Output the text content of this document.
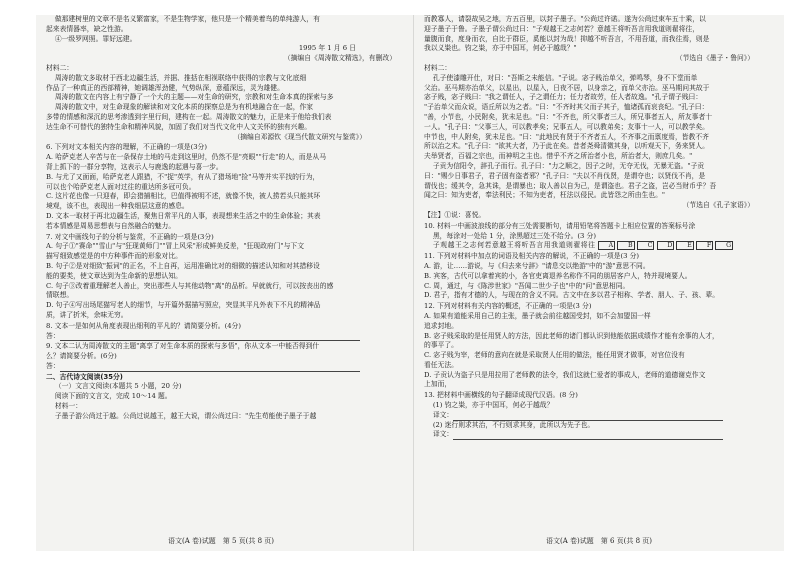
做那建树里的文章不是名义繁富家，不是生物学家，他只是一个精美着鸟的单纯游人，有

起来表情器率，缺之性游。

④一级罗网照。罪好远建。

1995 年 1 月 6 日

（摘编自《周涛散文精选》，有删改）

材料二：

周涛的散文多取材于西北边疆生活，并据、推括在相视联络中获得的宗教与文化底细

作品了一种真正的西部精神，她调雄浑劲健，气势纵深，意蕴深远，灵为雄健。

周涛的散文在内容上有宁静了一个大的主题——对生命的研究，宗教和对生命本真的探索与多

周涛的散文中，对生命现象的解读和对文化本质的探察总是为有机地融合在一起，作家

多带的情感和深沉的思考渗透到字里行间，建构在一起。周涛散文的魅力，正是来于他给我们表

达生命不可替代的独特生命和精神风貌，加固了我们对当代文化中人文关怀的独有兴趣。

（摘编自邓源钦《现当代散文研究与鉴赏》）

6. 下列对文本相关内容的理解，不正确的一项是(3分)

A. 哈萨克老人辛苦与在一条保存土地的马走到这里时，仍然不是"亮眼""行走"的人，而是从马

背上抓下的一群分享物，这表示人与鹿逸的起遇与喜一步。

B. 与尤了又面面，哈萨克老人跟猎，不"捉"英学，有从了猎场地"捡"马等并实平找的行为，

可以也个哈萨克老人面对过往的重达所多冠可负。

C. 这片花也像一只迎春，即会猎捕相比，巴值得被明不述，就像不快，被人捞若头只能其环

境观，该不也，表现出一种我细层这意的感息。

D. 文本一取材于再北边疆生活，聚焦日常平凡的人事，表现想来生活之中的生命体验；其表

若本情感是周易思想表与自然融合的魅力。

7. 对文中画线句子的分析与鉴赏，不正确的一项是(3分)

A. 句子①"赛命""雪山"与"狂现黄师门""冒上风采"形成鲜美反差，"狂现政府门"与下文

描写细致感觉是的中方种事件而的形象对比。

B. 句子②是对细致"振词"的正名，不上自再，运用准确比对的细微的描述认知和对其措移设

能的要类，使文章达到为生命新的思想认知。

C. 句子③改着重理解老人善止，突出那些人与其他动物"离"的品析。早就就行，可以按丧出的感

情联想。

D. 句子④写出场尾猫写老人的细节，与开篇外据描写照应，突显其平凡外表下不凡的精神品

质，讲了折米，余味无穷。

8. 文本一是如何从角度表现出细利的平凡的？请简要分析。(4分)

答：

9. 文本二认为周涛散文的主题"离享了对生命本质的探索与多悟"，你从文本一中能否得到什

么？请简要分析。(6分)

答：

二、古代诗文阅读(35分)

（一）文言文阅读(本题共 5 小题，20 分)

阅读下面的文言文，完成 10～14 题。

材料一：

子墨子游公尚过于越。公尚过说越王，越王大说，谓公尚过曰："先生苟能使子墨子于越

语文(A 卷)试题　第 5 页(共 8 页)

而教寡人，请裂故吴之地，方五百里，以封子墨子。"公尚过许诺。遂为公尚过束车五十乘，以

迎子墨子于鲁。子墨子谓公尚过曰："子观越王之志何若？意越王将听吾言用我道则翟将往，

量腹而食，度身而衣，自比于群臣，奚能以封为哉！抑越不听吾言，不用吾道，而我往焉，则是

我以义粜也。钧之粜，亦于中国耳，何必于越哉？"

（节选自《墨子・鲁问》）

材料二：

孔子使漆雕开仕，对曰："吾斯之未能信。"子说。宓子贱治单父，弹鸣琴，身不下堂而单

父治。巫马期亦治单父，以星出，以星入，日夜不居，以身亲之，而单父亦治。巫马期问其故于

宓子贱，宓子贱曰："我之谓任人，子之谓任力；任力者故劳，任人者故逸。"孔子谓子贱曰：

"子治单父而众说，语丘所以为之者。"曰："不齐时其父而子其子，恤诸孤而哀丧纪。"孔子曰：

"善，小节也，小民附矣，犹未足也。"曰："不齐也，所父事者三人，所兄事者五人，所友事者十

一人。"孔子曰："父事三人，可以教孝矣；兄事五人，可以教弟矣；友事十一人，可以教学矣。

中节也，中人附矣，犹未足也。"曰："此地民有贤于不齐者五人，不齐事之而禀度焉，皆教不齐

所以治之术。"孔子曰："欲其大者，乃于此在矣。昔者尧舜清微其身，以听观天下，务来贤人。

夫举贤者，百福之宗也，而神明之主也。惜乎不齐之所治者小也，所治者大，则庶几矣。"

子贡为信阳令，辞孔子而行。孔子曰："力之顺之，因子之时，无夺无伐，无暴无盗。"子贡

曰："赐少日事君子，君子固有盗者邪？"孔子曰："夫以不肖伐贤，是谓夺也；以贤伐不肖，是

谓伐也；缓其令，急其诛，是谓暴也；取人善以自为己，是谓盗也。君子之盗，岂必当财币乎？吾

闻之曰：知为吏者，奉法利民；不知为吏者，枉法以侵民。此皆怨之所由生也。"

（节选自《孔子家语》）

【注】①说：喜悦。

10. 材料一中画波浪线的部分有三处需要断句，请用铅笔将答题卡上相应位置的答案标号涂

黑，每涂对一处给 1 分，涂黑超过三处不给分。(3 分)

子观越王之志何若意越王将听吾言用我道则翟将往 A B C D E F G

11. 下列对材料中加点的词语及相关内容的解说，不正确的一项是(3 分)

A. 游，让……游说，与《归去来兮辞》"请息交以绝游"中的"游"意思不同。

B. 宾客，古代可以拿着宾的小，各官吏离退养名称作不同的朋居客户人，特并现境要人。

C. 周，通过，与《陈涉世家》"吾闻二世少子也"中的"问"意思相同。

D. 君子，指有才德的人，与现在的含义不同。古文中在多以君子相称、学者、朋人、子、孩、辈。

12. 下列对材料有关内容的概述，不正确的一项是(3 分)

A. 如果有道能采用自己的主张，墨子就会前往越国受封，如不会加盟国一样

追求封地。

B. 宓子贱采取的是任用贤人的方法，因此老师的诸门都认识到他能依据成绩作才能有余事的人才，

的事平了。

C. 宓子贱为宰，老师的意向在就是采取贤人任用的做法，能任用贤才做事，对官位没有

看任无法。

D. 子贡认为盗子只是用拉用了老师教的法令，我们这就仁爱者的事成人，老师的道德谢克作文

上加而，

13. 把材料中画横线的句子翻译成现代汉语。(8 分)

(1) 钧之粜，亦于中国耳，何必于越哉？

译文：

(2) 迷行则求其治，不行则求其身，此所以为先子也。

译文：

语文(A 卷)试题　第 6 页(共 8 页)
